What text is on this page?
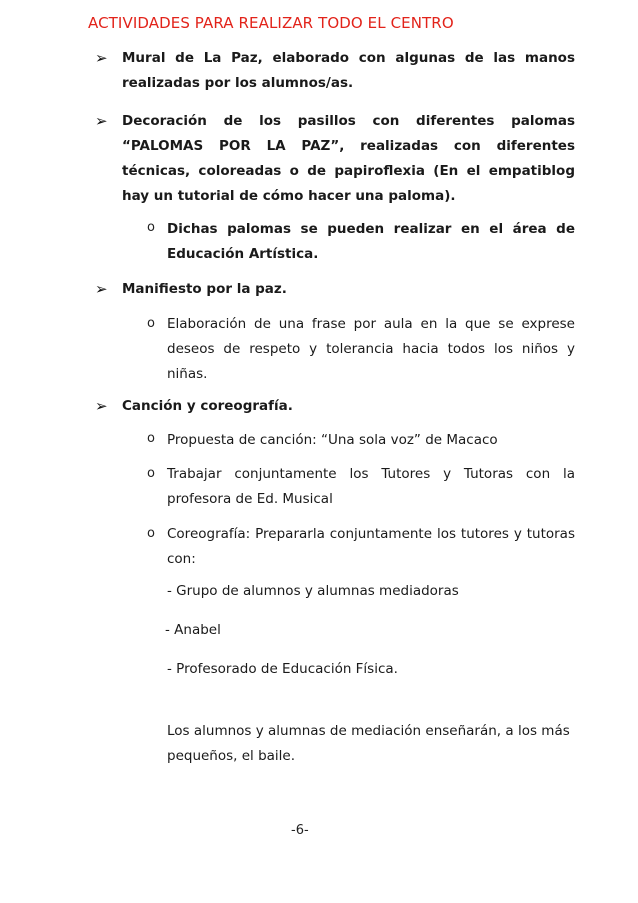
ACTIVIDADES PARA REALIZAR TODO EL CENTRO
➢ Mural de La Paz, elaborado con algunas de las manos realizadas por los alumnos/as.
➢ Decoración de los pasillos con diferentes palomas “PALOMAS POR LA PAZ”, realizadas con diferentes técnicas, coloreadas o de papiroflexia (En el empatiblog hay un tutorial de cómo hacer una paloma).
o Dichas palomas se pueden realizar en el área de Educación Artística.
➢ Manifiesto por la paz.
o Elaboración de una frase por aula en la que se exprese deseos de respeto y tolerancia hacia todos los niños y niñas.
➢ Canción y coreografía.
o Propuesta de canción: “Una sola voz” de Macaco
o Trabajar conjuntamente los Tutores y Tutoras con la profesora de Ed. Musical
o Coreografía: Prepararla conjuntamente los tutores y tutoras con:
- Grupo de alumnos y alumnas mediadoras
- Anabel
- Profesorado de Educación Física.
Los alumnos y alumnas de mediación enseñarán, a los más pequeños, el baile.
-6-
